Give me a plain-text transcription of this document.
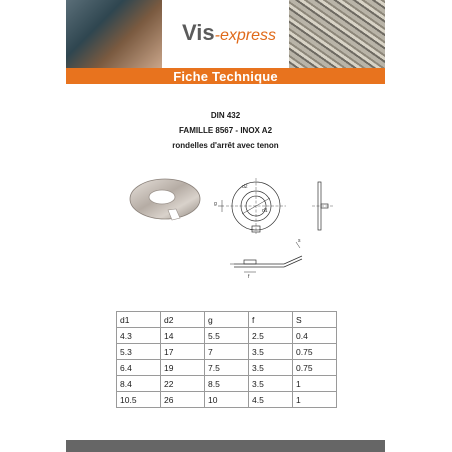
Vis-express
Fiche Technique
DIN 432
FAMILLE 8567 - INOX A2
rondelles d'arrêt avec tenon
g
d2
d1
f
s
d1	d2	g	f	S
4.3	14	5.5	2.5	0.4
5.3	17	7	3.5	0.75
6.4	19	7.5	3.5	0.75
8.4	22	8.5	3.5	1
10.5	26	10	4.5	1
